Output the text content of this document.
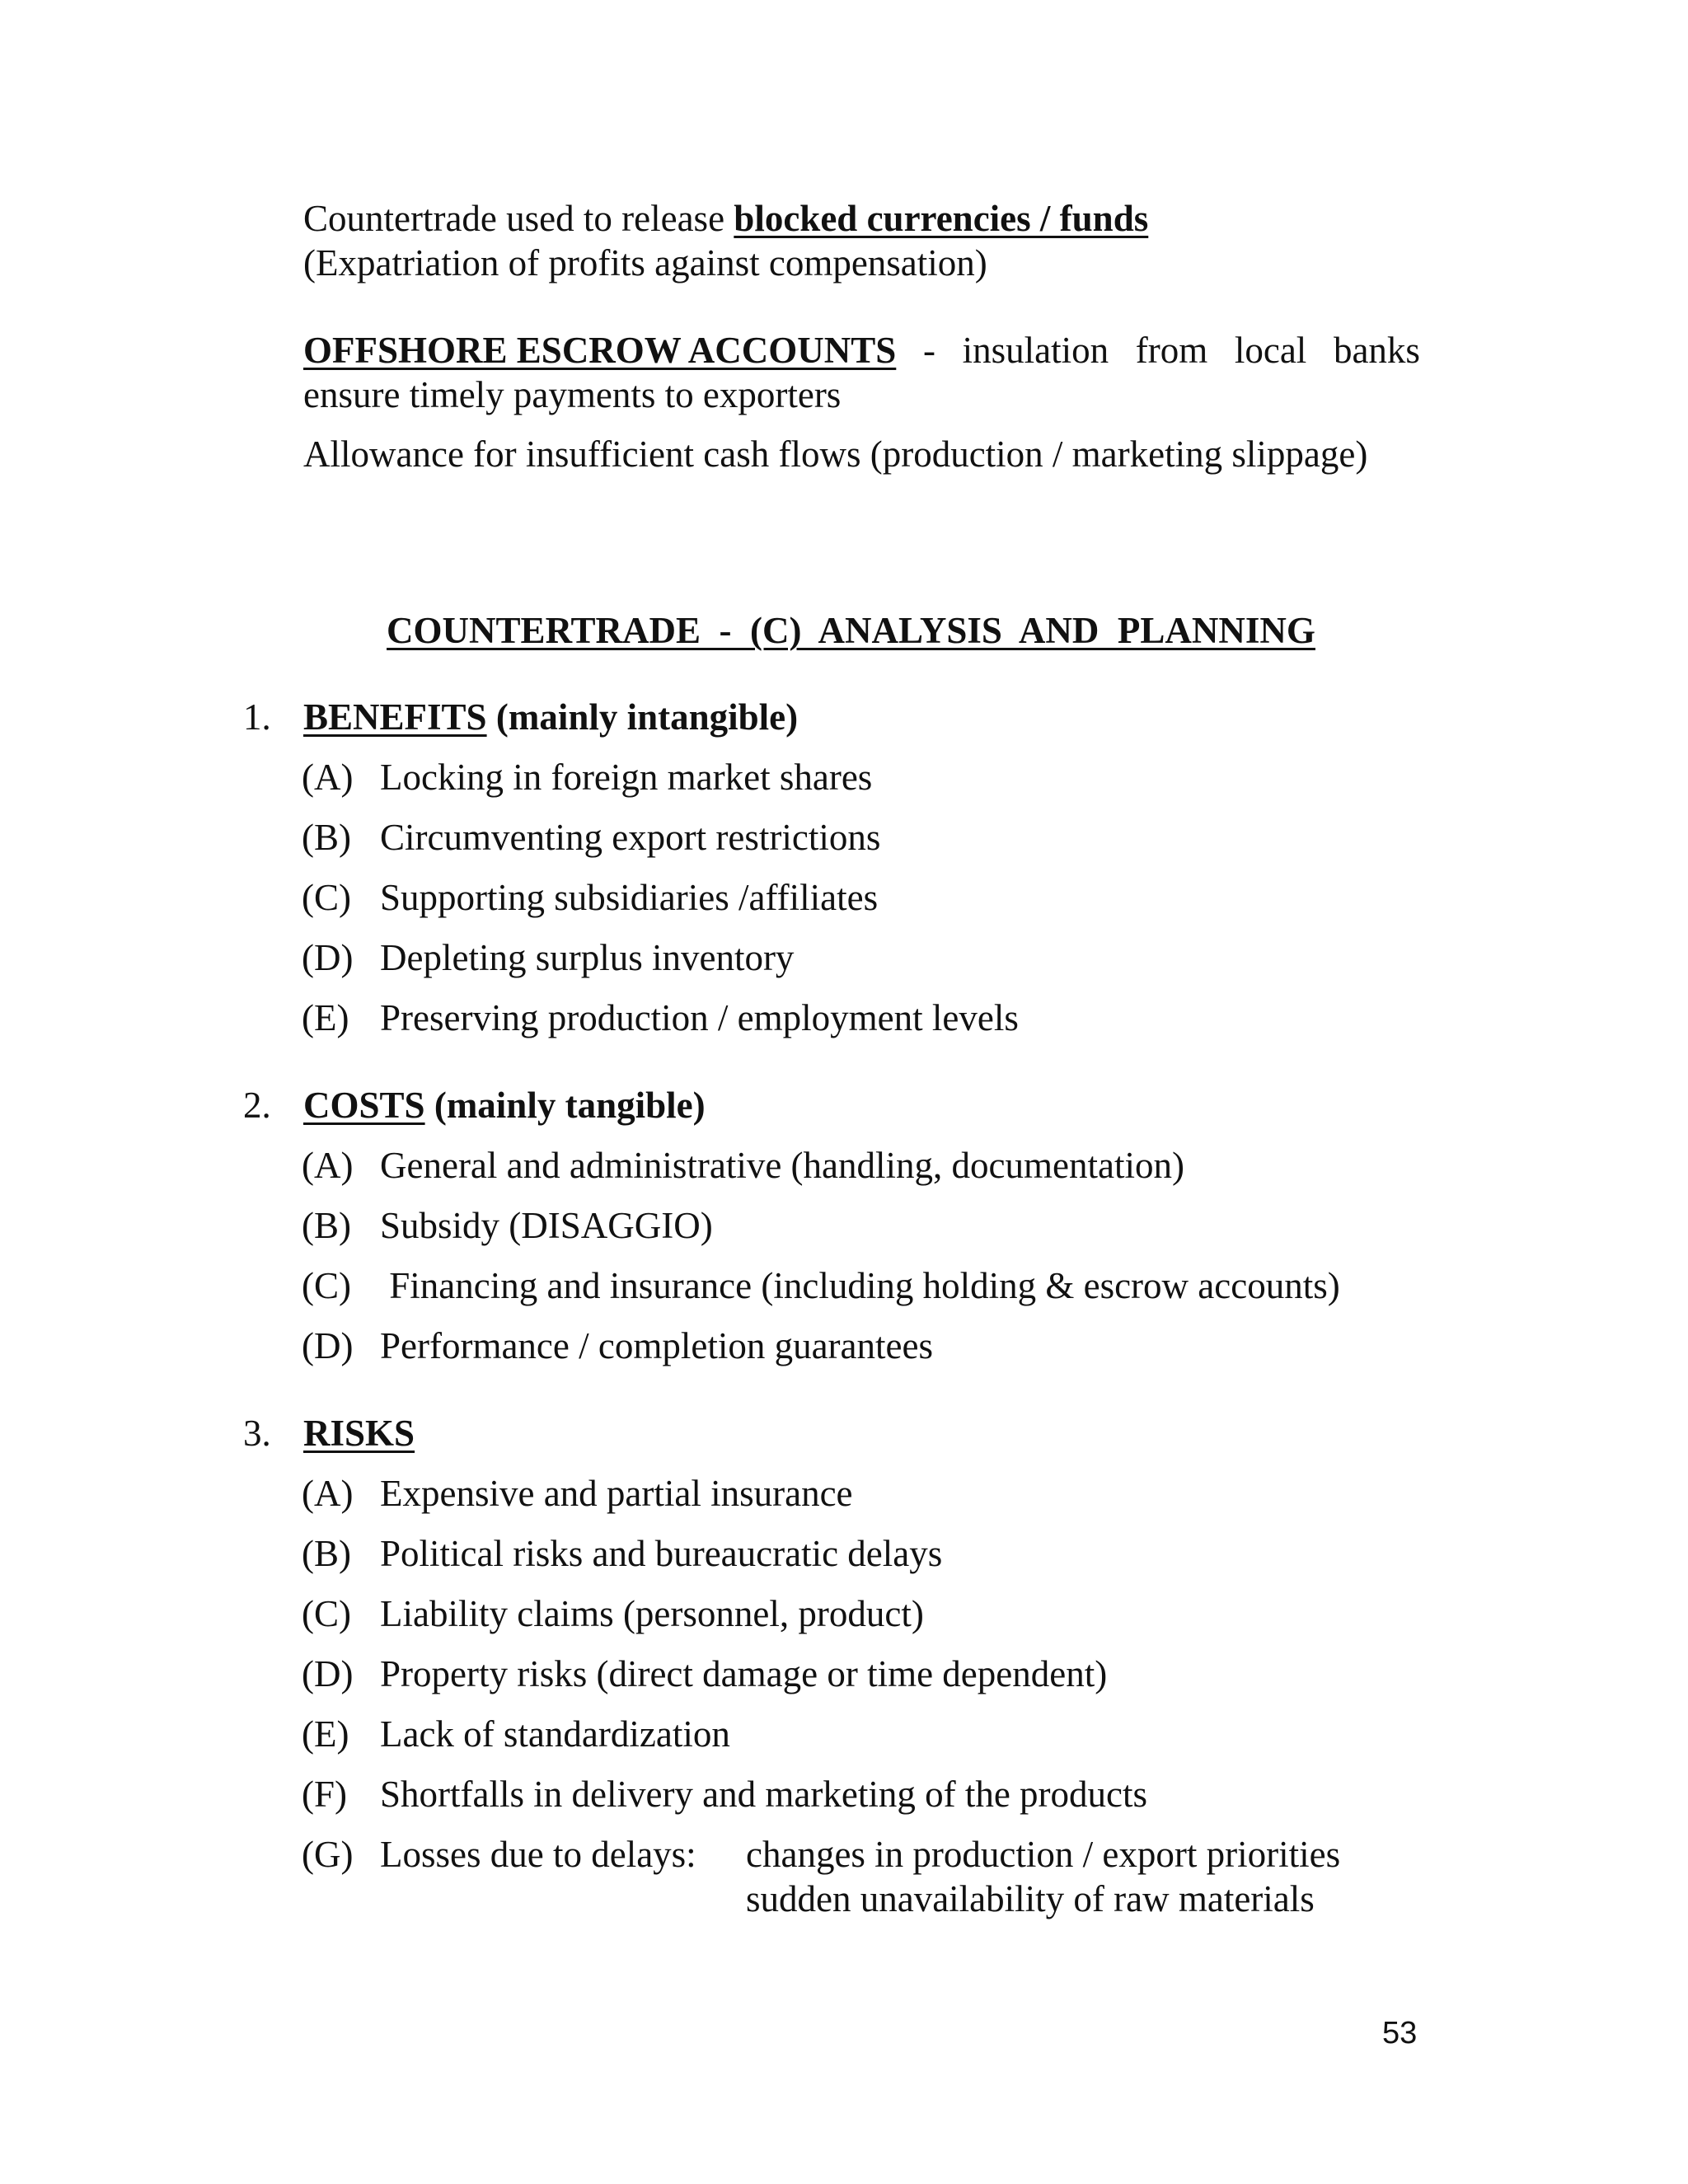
Countertrade used to release blocked currencies / funds
(Expatriation of profits against compensation)
OFFSHORE ESCROW ACCOUNTS - insulation from local banks
ensure timely payments to exporters
Allowance for insufficient cash flows (production / marketing slippage)

COUNTERTRADE  -  (C)  ANALYSIS  AND  PLANNING

1. BENEFITS (mainly intangible)
(A) Locking in foreign market shares
(B) Circumventing export restrictions
(C) Supporting subsidiaries /affiliates
(D) Depleting surplus inventory
(E) Preserving production / employment levels
2. COSTS (mainly tangible)
(A) General and administrative (handling, documentation)
(B) Subsidy (DISAGGIO)
(C) Financing and insurance (including holding & escrow accounts)
(D) Performance / completion guarantees
3. RISKS
(A) Expensive and partial insurance
(B) Political risks and bureaucratic delays
(C) Liability claims (personnel, product)
(D) Property risks (direct damage or time dependent)
(E) Lack of standardization
(F) Shortfalls in delivery and marketing of the products
(G) Losses due to delays: changes in production / export priorities
sudden unavailability of raw materials
53
